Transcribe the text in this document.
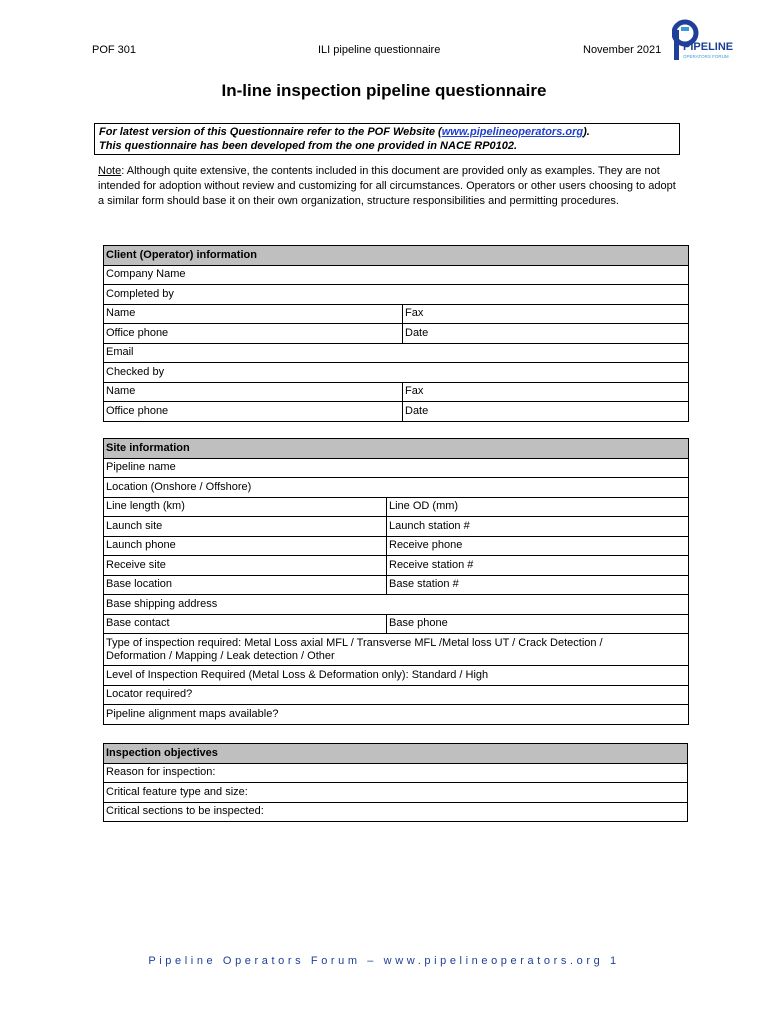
POF 301	ILI pipeline questionnaire	November 2021 PIPELINE
OPERATORS FORUM
In-line inspection pipeline questionnaire
For latest version of this Questionnaire refer to the POF Website (www.pipelineoperators.org).
This questionnaire has been developed from the one provided in NACE RP0102.
Note: Although quite extensive, the contents included in this document are provided only as examples. They are not intended for adoption without review and customizing for all circumstances. Operators or other users choosing to adopt a similar form should base it on their own organization, structure responsibilities and permitting procedures.
Client (Operator) information	
Company Name	
Completed by	
Name	Fax
Office phone	Date
Email	
Checked by	
Name	Fax
Office phone	Date
Site information	
Pipeline name	
Location (Onshore / Offshore)	
Line length (km)	Line OD (mm)
Launch site	Launch station #
Launch phone	Receive phone
Receive site	Receive station #
Base location	Base station #
Base shipping address	
Base contact	Base phone
Type of inspection required: Metal Loss axial MFL / Transverse MFL /Metal loss UT / Crack Detection /
Deformation / Mapping / Leak detection / Other	
Level of Inspection Required (Metal Loss & Deformation only): Standard / High	
Locator required?	
Pipeline alignment maps available?	
Inspection objectives
Reason for inspection:
Critical feature type and size:
Critical sections to be inspected:
Pipeline Operators Forum – www.pipelineoperators.org 1
